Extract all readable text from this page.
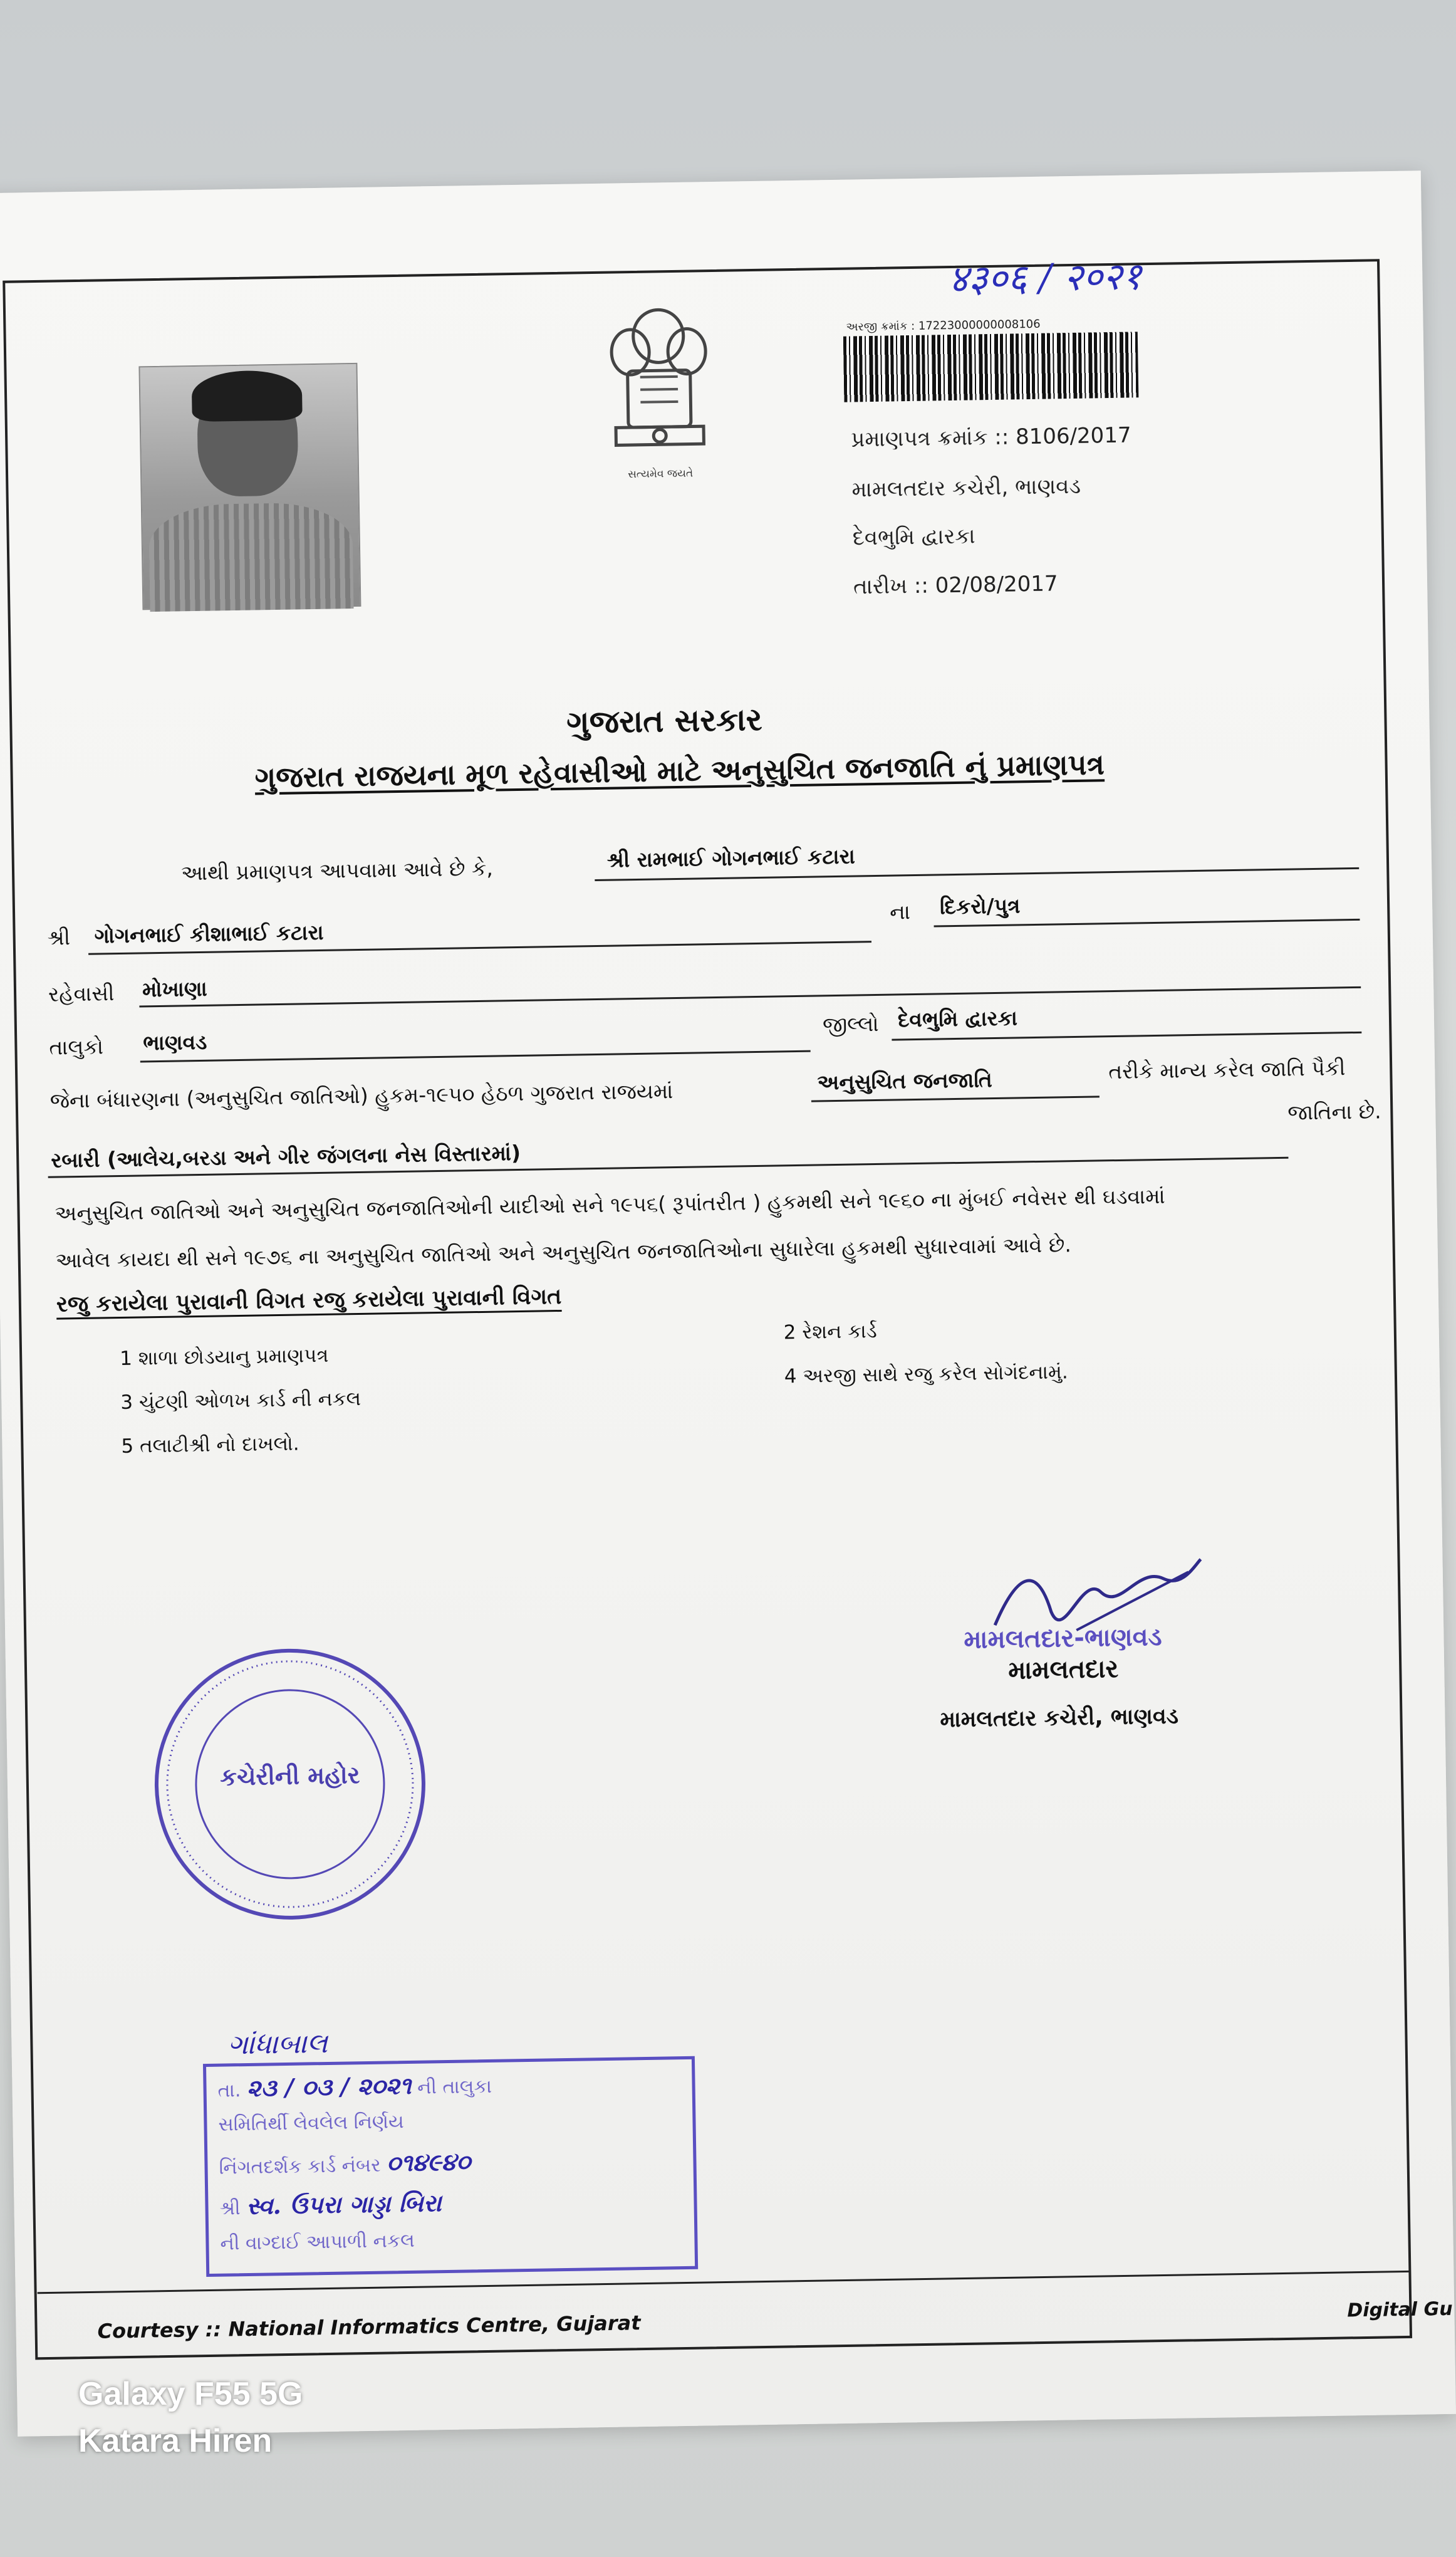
સત્યમેવ જયતે
४३०६ / २०२१
અરજી ક્રમાંક : 17223000000008106
પ્રમાણપત્ર ક્રમાંક :: 8106/2017
મામલતદાર કચેરી, ભાણવડ
દેવભુમિ દ્વારકા
તારીખ :: 02/08/2017
ગુજરાત સરકાર
ગુજરાત રાજયના મૂળ રહેવાસીઓ માટે અનુસુચિત જનજાતિ નું પ્રમાણપત્ર
આથી પ્રમાણપત્ર આપવામા આવે છે કે,	શ્રી રામભાઈ ગોગનભાઈ કટારા
શ્રી ગોગનભાઈ કીશાભાઈ કટારા
ના દિકરો/પુત્ર
રહેવાસી મોખાણા
જીલ્લો દેવભુમિ દ્વારકા
તાલુકો ભાણવડ
જેના બંધારણના (અનુસુચિત જાતિઓ) હુકમ-૧૯૫૦ હેઠળ ગુજરાત રાજયમાં	અનુસુચિત જનજાતિ	તરીકે માન્ય કરેલ જાતિ પૈકી
જાતિના છે.
રબારી (આલેચ,બરડા અને ગીર જંગલના નેસ વિસ્તારમાં)
અનુસુચિત જાતિઓ અને અનુસુચિત જનજાતિઓની યાદીઓ સને ૧૯૫૬( રૂપાંતરીત ) હુકમથી સને ૧૯૬૦ ના મુંબઈ નવેસર થી ઘડવામાં
આવેલ કાયદા થી સને ૧૯૭૬ ના અનુસુચિત જાતિઓ અને અનુસુચિત જનજાતિઓના સુધારેલા હુકમથી સુધારવામાં આવે છે.
રજુ કરાયેલા પુરાવાની વિગત રજુ કરાયેલા પુરાવાની વિગત
1 શાળા છોડયાનુ પ્રમાણપત્ર
2 રેશન કાર્ડ
3 ચુંટણી ઓળખ કાર્ડ ની નકલ
4 અરજી સાથે રજુ કરેલ સોગંદનામું.
5 તલાટીશ્રી નો દાખલો.
કચેરીની મહોર
મામલતદાર-ભાણવડ
મામલતદાર
મામલતદાર કચેરી, ભાણવડ
ગાંધાબાલ
તા. ૨૩ / ૦૩ / ૨૦૨૧ ની તાલુકા
સમિતિર્થી લેવલેલ નિર્ણય
નિંગતદર્શક કાર્ડ નંબર ૦૧૪૯૪૦
શ્રી સ્વ. ઉપરા ગાડ્ડા બિરા
ની વાગ્દાઈ આપાળી નકલ
Digital Gu
Courtesy :: National Informatics Centre, Gujarat
Galaxy F55 5G
Katara Hiren
